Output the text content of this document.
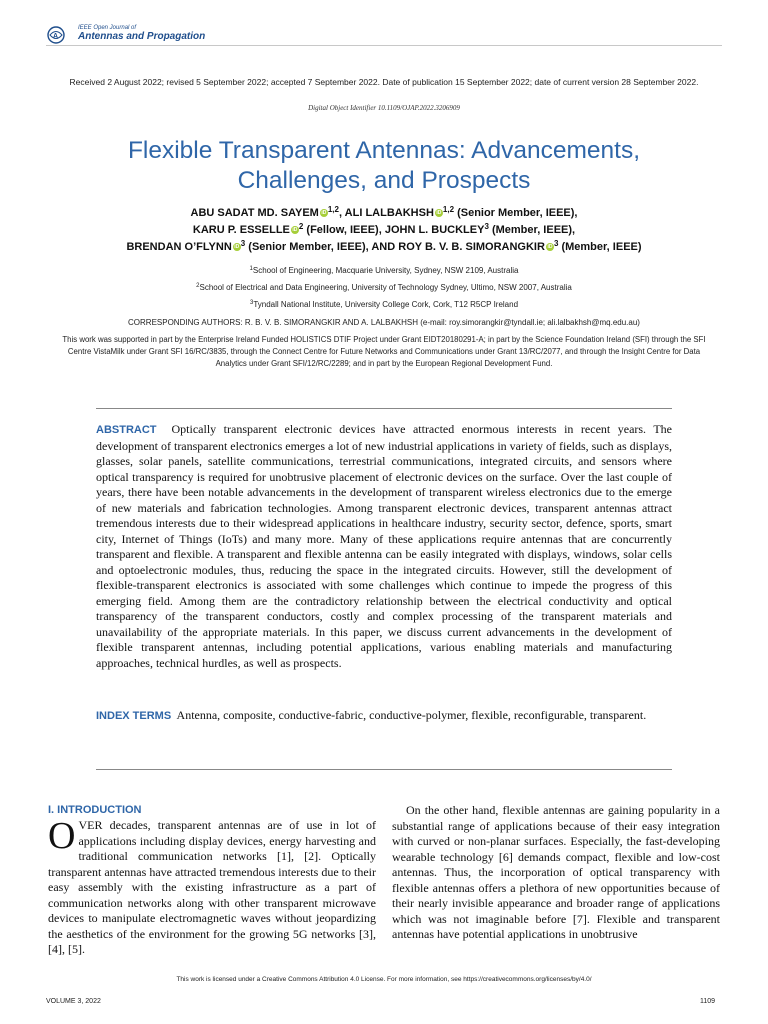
A
IEEE Open Journal of
Antennas and Propagation
Received 2 August 2022; revised 5 September 2022; accepted 7 September 2022. Date of publication 15 September 2022; date of current version 28 September 2022.
Digital Object Identifier 10.1109/OJAP.2022.3206909
Flexible Transparent Antennas: Advancements,
Challenges, and Prospects
ABU SADAT MD. SAYEM iD $^{1,2}$, ALI LALBAKHSH iD $^{1,2}$ (Senior Member, IEEE),
KARU P. ESSELLE iD $^2$ (Fellow, IEEE), JOHN L. BUCKLEY$^3$ (Member, IEEE),
BRENDAN O’FLYNN iD $^3$ (Senior Member, IEEE), AND ROY B. V. B. SIMORANGKIR iD $^3$ (Member, IEEE)
$^1$School of Engineering, Macquarie University, Sydney, NSW 2109, Australia
$^2$School of Electrical and Data Engineering, University of Technology Sydney, Ultimo, NSW 2007, Australia
$^3$Tyndall National Institute, University College Cork, Cork, T12 R5CP Ireland
CORRESPONDING AUTHORS: R. B. V. B. SIMORANGKIR AND A. LALBAKHSH (e-mail: roy.simorangkir@tyndall.ie; ali.lalbakhsh@mq.edu.au)
This work was supported in part by the Enterprise Ireland Funded HOLISTICS DTIF Project under Grant EIDT20180291-A; in part by the Science Foundation Ireland (SFI) through the SFI Centre VistaMilk under Grant SFI 16/RC/3835, through the Connect Centre for Future Networks and Communications under Grant 13/RC/2077, and through the Insight Centre for Data Analytics under Grant SFI/12/RC/2289; and in part by the European Regional Development Fund.
ABSTRACT Optically transparent electronic devices have attracted enormous interests in recent years. The development of transparent electronics emerges a lot of new industrial applications in variety of fields, such as displays, glasses, solar panels, satellite communications, terrestrial communications, integrated circuits, and sensors where optical transparency is required for unobtrusive placement of electronic devices on the surface. Over the last couple of years, there have been notable advancements in the development of transparent wireless electronics due to the emerge of new materials and fabrication technologies. Among transparent electronic devices, transparent antennas attract tremendous interests due to their widespread applications in healthcare industry, security sector, defence, sports, smart city, Internet of Things (IoTs) and many more. Many of these applications require antennas that are concurrently transparent and flexible. A transparent and flexible antenna can be easily integrated with displays, windows, solar cells and optoelectronic modules, thus, reducing the space in the integrated circuits. However, still the development of flexible-transparent electronics is associated with some challenges which continue to impede the progress of this emerging field. Among them are the contradictory relationship between the electrical conductivity and optical transparency of the transparent conductors, costly and complex processing of the transparent materials and unavailability of the appropriate materials. In this paper, we discuss current advancements in the development of flexible transparent antennas, including potential applications, various enabling materials and manufacturing approaches, technical hurdles, as well as prospects.
INDEX TERMS Antenna, composite, conductive-fabric, conductive-polymer, flexible, reconfigurable, transparent.
I. INTRODUCTION
OVER decades, transparent antennas are of use in lot of applications including display devices, energy harvesting and traditional communication networks [1], [2]. Optically transparent antennas have attracted tremendous interests due to their easy assembly with the existing infrastructure as a part of communication networks along with other transparent microwave devices to manipulate electromagnetic waves without jeopardizing the aesthetics of the environment for the growing 5G networks [3], [4], [5].
On the other hand, flexible antennas are gaining popularity in a substantial range of applications because of their easy integration with curved or non-planar surfaces. Especially, the fast-developing wearable technology [6] demands compact, flexible and low-cost antennas. Thus, the incorporation of optical transparency with flexible antennas offers a plethora of new opportunities because of their nearly invisible appearance and broader range of applications which was not imaginable before [7]. Flexible and transparent antennas have potential applications in unobtrusive
This work is licensed under a Creative Commons Attribution 4.0 License. For more information, see https://creativecommons.org/licenses/by/4.0/
VOLUME 3, 2022	1109
